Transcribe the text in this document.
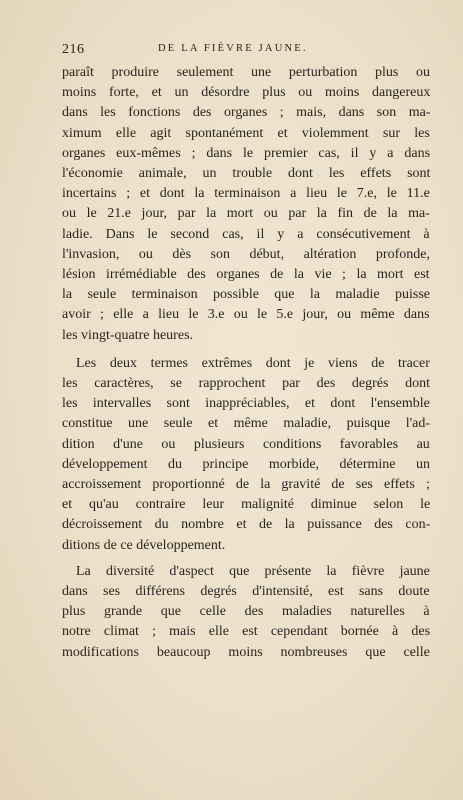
216	DE LA FIÈVRE JAUNE.
paraît produire seulement une perturbation plus ou
moins forte, et un désordre plus ou moins dangereux
dans les fonctions des organes ; mais, dans son ma-
ximum elle agit spontanément et violemment sur les
organes eux-mêmes ; dans le premier cas, il y a dans
l'économie animale, un trouble dont les effets sont
incertains ; et dont la terminaison a lieu le 7.e, le 11.e
ou le 21.e jour, par la mort ou par la fin de la ma-
ladie. Dans le second cas, il y a consécutivement à
l'invasion, ou dès son début, altération profonde,
lésion irrémédiable des organes de la vie ; la mort est
la seule terminaison possible que la maladie puisse
avoir ; elle a lieu le 3.e ou le 5.e jour, ou même dans
les vingt-quatre heures.
Les deux termes extrêmes dont je viens de tracer
les caractères, se rapprochent par des degrés dont
les intervalles sont inappréciables, et dont l'ensemble
constitue une seule et même maladie, puisque l'ad-
dition d'une ou plusieurs conditions favorables au
développement du principe morbide, détermine un
accroissement proportionné de la gravité de ses effets ;
et qu'au contraire leur malignité diminue selon le
décroissement du nombre et de la puissance des con-
ditions de ce développement.
La diversité d'aspect que présente la fièvre jaune
dans ses différens degrés d'intensité, est sans doute
plus grande que celle des maladies naturelles à
notre climat ; mais elle est cependant bornée à des
modifications beaucoup moins nombreuses que celle
